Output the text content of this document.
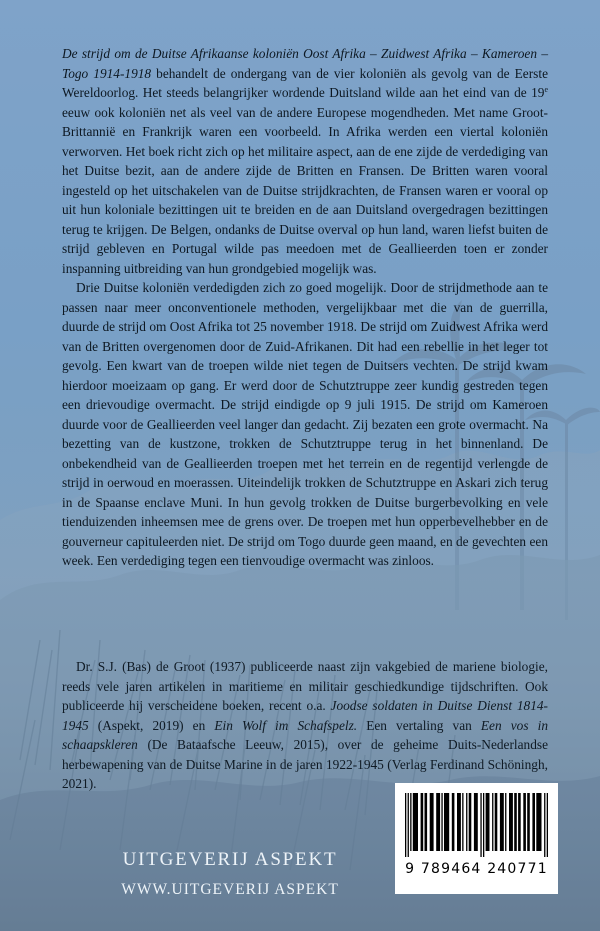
De strijd om de Duitse Afrikaanse koloniën Oost Afrika – Zuidwest Afrika – Kameroen – Togo 1914-1918 behandelt de ondergang van de vier koloniën als gevolg van de Eerste Wereldoorlog. Het steeds belangrijker wordende Duitsland wilde aan het eind van de 19e eeuw ook koloniën net als veel van de andere Europese mogendheden. Met name Groot-Brittannië en Frankrijk waren een voorbeeld. In Afrika werden een viertal koloniën verworven. Het boek richt zich op het militaire aspect, aan de ene zijde de verdediging van het Duitse bezit, aan de andere zijde de Britten en Fransen. De Britten waren vooral ingesteld op het uitschakelen van de Duitse strijdkrachten, de Fransen waren er vooral op uit hun koloniale bezittingen uit te breiden en de aan Duitsland overgedragen bezittingen terug te krijgen. De Belgen, ondanks de Duitse overval op hun land, waren liefst buiten de strijd gebleven en Portugal wilde pas meedoen met de Geallieerden toen er zonder inspanning uitbreiding van hun grondgebied mogelijk was.

Drie Duitse koloniën verdedigden zich zo goed mogelijk. Door de strijdmethode aan te passen naar meer onconventionele methoden, vergelijkbaar met die van de guerrilla, duurde de strijd om Oost Afrika tot 25 november 1918. De strijd om Zuidwest Afrika werd van de Britten overgenomen door de Zuid-Afrikanen. Dit had een rebellie in het leger tot gevolg. Een kwart van de troepen wilde niet tegen de Duitsers vechten. De strijd kwam hierdoor moeizaam op gang. Er werd door de Schutztruppe zeer kundig gestreden tegen een drievoudige overmacht. De strijd eindigde op 9 juli 1915. De strijd om Kameroen duurde voor de Geallieerden veel langer dan gedacht. Zij bezaten een grote overmacht. Na bezetting van de kustzone, trokken de Schutztruppe terug in het binnenland. De onbekendheid van de Geallieerden troepen met het terrein en de regentijd verlengde de strijd in oerwoud en moerassen. Uiteindelijk trokken de Schutztruppe en Askari zich terug in de Spaanse enclave Muni. In hun gevolg trokken de Duitse burgerbevolking en vele tienduizenden inheemsen mee de grens over. De troepen met hun opperbevelhebber en de gouverneur capituleerden niet. De strijd om Togo duurde geen maand, en de gevechten een week. Een verdediging tegen een tienvoudige overmacht was zinloos.

Dr. S.J. (Bas) de Groot (1937) publiceerde naast zijn vakgebied de mariene biologie, reeds vele jaren artikelen in maritieme en militair geschiedkundige tijdschriften. Ook publiceerde hij verscheidene boeken, recent o.a. Joodse soldaten in Duitse Dienst 1814-1945 (Aspekt, 2019) en Ein Wolf im Schafspelz. Een vertaling van Een vos in schaapskleren (De Bataafsche Leeuw, 2015), over de geheime Duits-Nederlandse herbewapening van de Duitse Marine in de jaren 1922-1945 (Verlag Ferdinand Schöningh, 2021).

UITGEVERIJ ASPEKT
WWW.UITGEVERIJ ASPEKT
9 789464 240771
